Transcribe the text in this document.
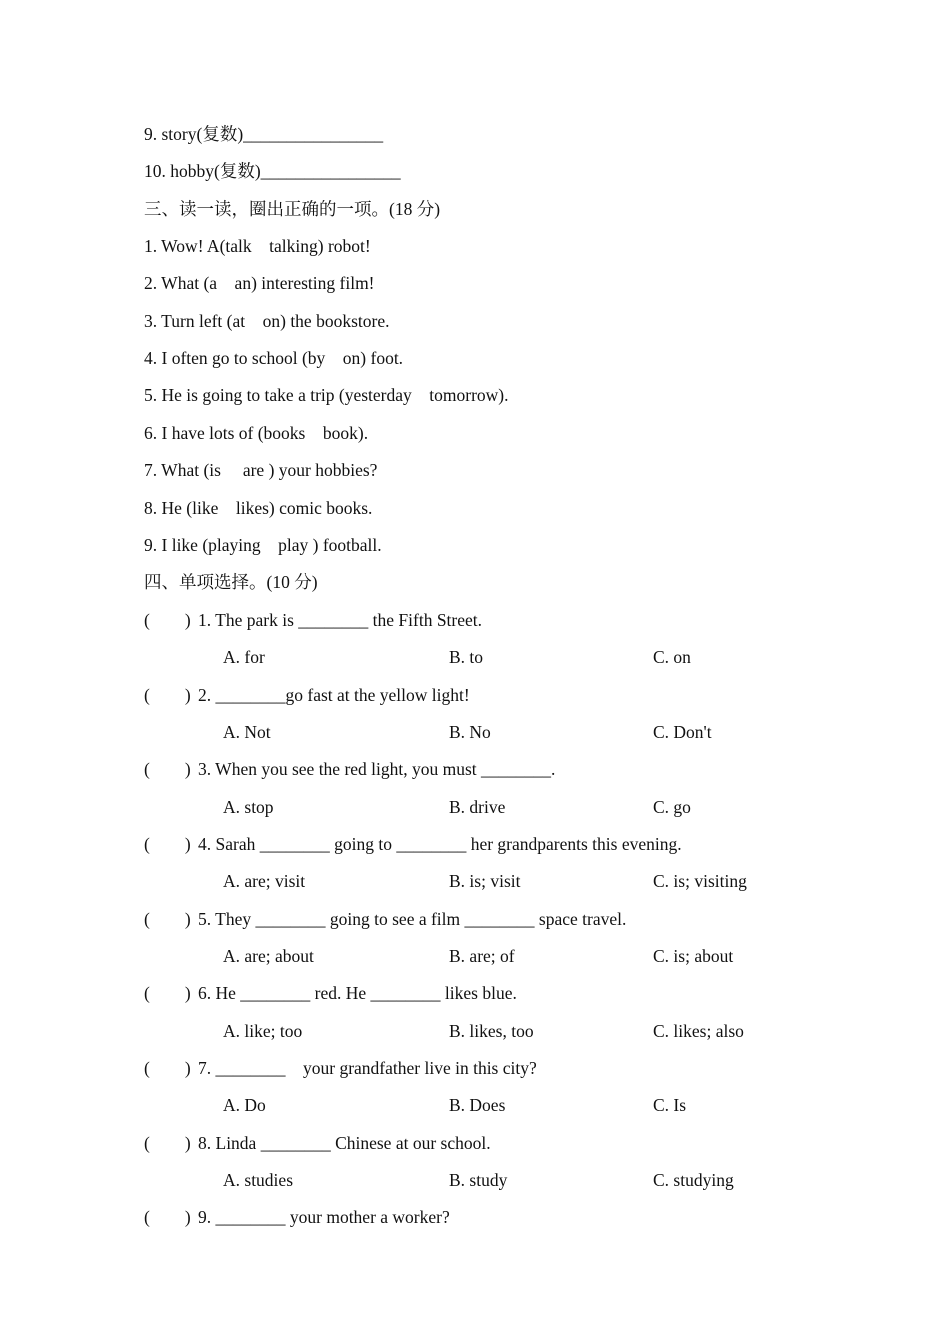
9. story(复数)________________
10. hobby(复数)________________
三、读一读，圈出正确的一项。(18 分)
1. Wow! A(talk    talking) robot!
2. What (a    an) interesting film!
3. Turn left (at    on) the bookstore.
4. I often go to school (by    on) foot.
5. He is going to take a trip (yesterday    tomorrow).
6. I have lots of (books    book).
7. What (is     are ) your hobbies?
8. He (like    likes) comic books.
9. I like (playing    play ) football.
四、单项选择。(10 分)
(        ) 1. The park is ________ the Fifth Street.
A. for	B. to	C. on
(        ) 2. ________go fast at the yellow light!
A. Not	B. No	C. Don't
(        ) 3. When you see the red light, you must ________.
A. stop	B. drive	C. go
(        ) 4. Sarah ________ going to ________ her grandparents this evening.
A. are; visit	B. is; visit	C. is; visiting
(        ) 5. They ________ going to see a film ________ space travel.
A. are; about	B. are; of	C. is; about
(        ) 6. He ________ red. He ________ likes blue.
A. like; too	B. likes, too	C. likes; also
(        ) 7. ________    your grandfather live in this city?
A. Do	B. Does	C. Is
(        ) 8. Linda ________ Chinese at our school.
A. studies	B. study	C. studying
(        ) 9. ________ your mother a worker?
